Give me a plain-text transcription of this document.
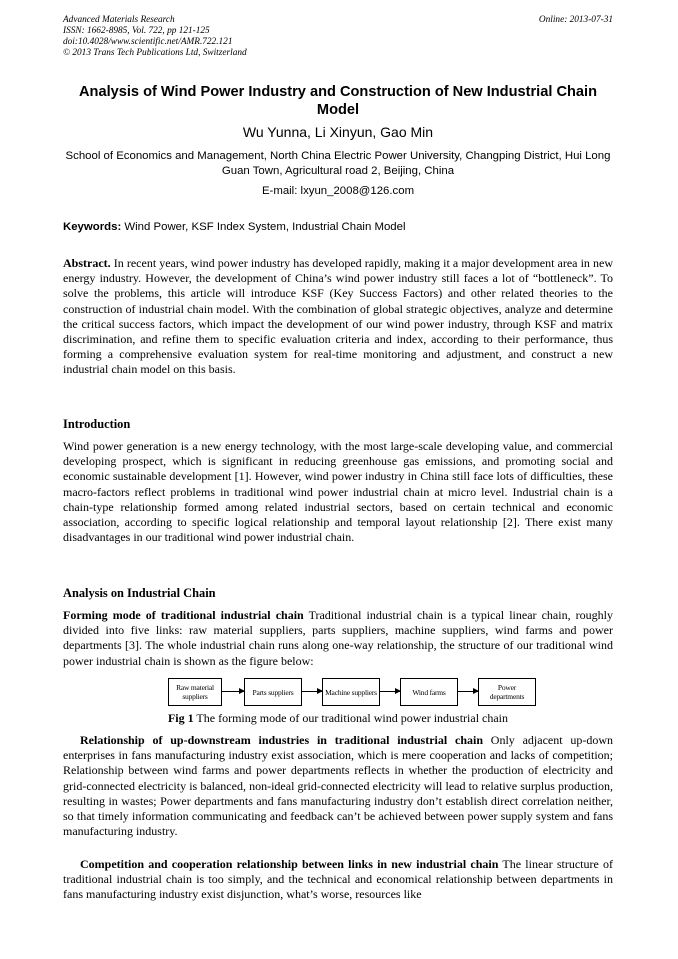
Advanced Materials Research
ISSN: 1662-8985, Vol. 722, pp 121-125
doi:10.4028/www.scientific.net/AMR.722.121
© 2013 Trans Tech Publications Ltd, Switzerland
Online: 2013-07-31
Analysis of Wind Power Industry and Construction of New Industrial Chain Model
Wu Yunna, Li Xinyun, Gao Min
School of Economics and Management, North China Electric Power University, Changping District, Hui Long Guan Town, Agricultural road 2, Beijing, China
E-mail: lxyun_2008@126.com
Keywords: Wind Power, KSF Index System, Industrial Chain Model

Abstract. In recent years, wind power industry has developed rapidly, making it a major development area in new energy industry. However, the development of China’s wind power industry still faces a lot of “bottleneck”. To solve the problems, this article will introduce KSF (Key Success Factors) and other related theories to the construction of industrial chain model. With the combination of global strategic objectives, analyze and determine the critical success factors, which impact the development of our wind power industry, through KSF and matrix discrimination, and refine them to specific evaluation criteria and index, according to their performance, thus forming a comprehensive evaluation system for real-time monitoring and adjustment, and construct a new industrial chain model on this basis.

Introduction

Wind power generation is a new energy technology, with the most large-scale developing value, and commercial developing prospect, which is significant in reducing greenhouse gas emissions, and promoting social and economic sustainable development [1]. However, wind power industry in China still face lots of difficulties, these macro-factors reflect problems in traditional wind power industrial chain at micro level. Industrial chain is a chain-type relationship formed among related industrial sectors, based on certain technical and economic association, according to specific logical relationship and temporal layout relationship [2]. There exist many disadvantages in our traditional wind power industrial chain.

Analysis on Industrial Chain

Forming mode of traditional industrial chain Traditional industrial chain is a typical linear chain, roughly divided into five links: raw material suppliers, parts suppliers, machine suppliers, wind farms and power departments [3]. The whole industrial chain runs along one-way relationship, the structure of our traditional wind power industrial chain is shown as the figure below:

Raw material suppliers	Parts suppliers	Machine suppliers	Wind farms	Power departments
Fig 1 The forming mode of our traditional wind power industrial chain

Relationship of up-downstream industries in traditional industrial chain Only adjacent up-down enterprises in fans manufacturing industry exist association, which is mere cooperation and lacks of competition; Relationship between wind farms and power departments reflects in whether the production of electricity and grid-connected electricity is balanced, non-ideal grid-connected electricity will lead to relative surplus production, resulting in wastes; Power departments and fans manufacturing industry don’t establish direct correlation neither, so that timely information communicating and feedback can’t be achieved between power supply system and fans manufacturing industry.

Competition and cooperation relationship between links in new industrial chain The linear structure of traditional industrial chain is too simply, and the technical and economical relationship between departments in fans manufacturing industry exist disjunction, what’s worse, resources like
